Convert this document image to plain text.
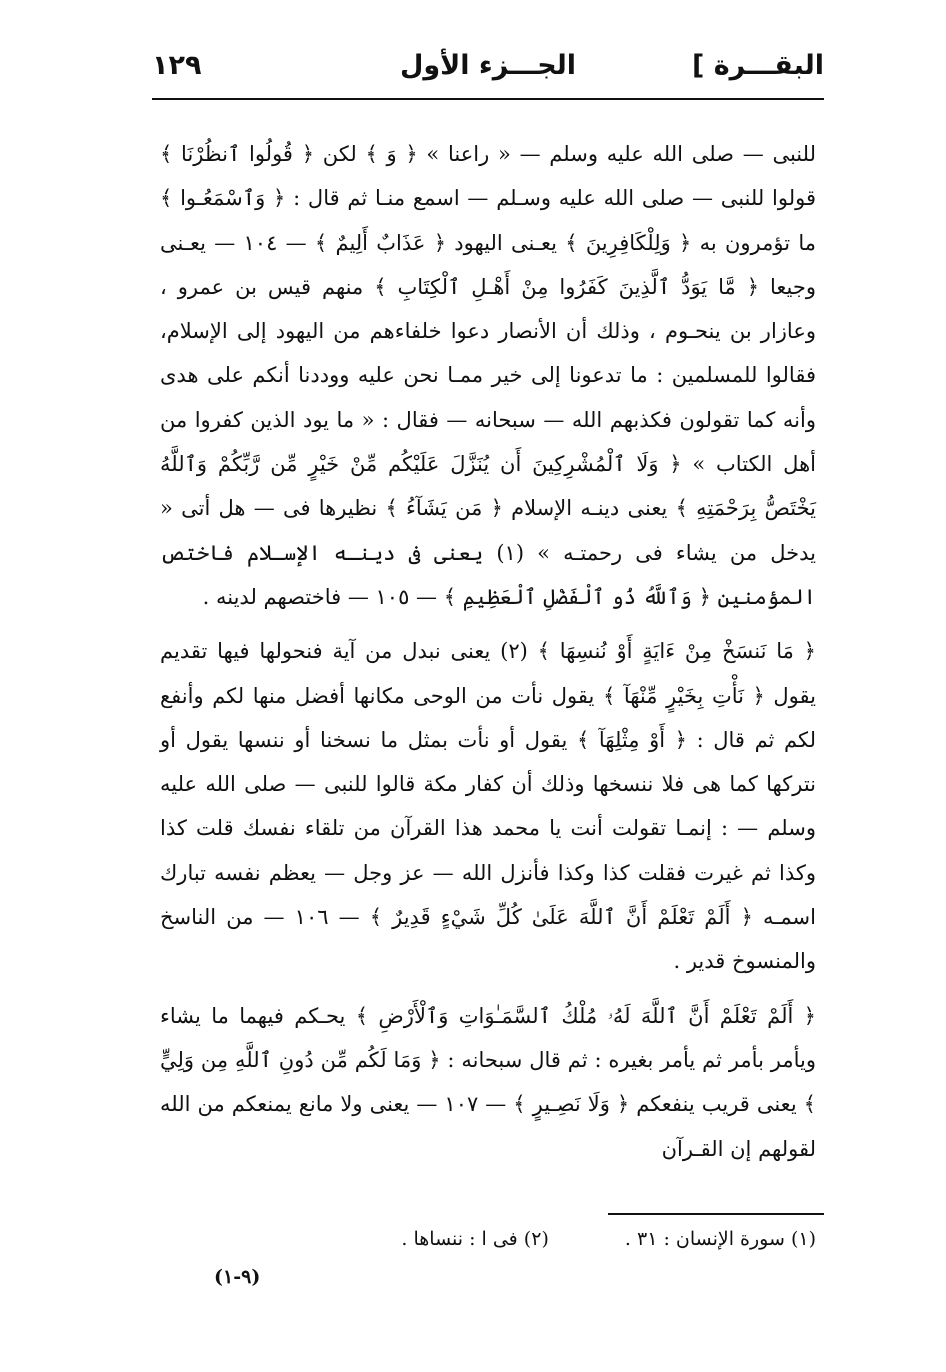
البقـــرة ]
الجـــزء الأول
١٢٩

للنبى — صلى الله عليه وسلم — « راعنا » ﴿ وَ ﴾ لكن ﴿ قُولُوا ٱنظُرْنَا ﴾ قولوا للنبى — صلى الله عليه وسـلم — اسمع منـا ثم قال : ﴿ وَٱسْمَعُـوا ﴾ ما تؤمرون به ﴿ وَلِلْكَافِرِينَ ﴾ يعـنى اليهود ﴿ عَذَابٌ أَلِيمٌ ﴾ — ١٠٤ — يعـنى وجيعا ﴿ مَّا يَوَدُّ ٱلَّذِينَ كَفَرُوا مِنْ أَهْـلِ ٱلْكِتَابِ ﴾ منهم قيس بن عمرو ، وعازار بن ينحـوم ، وذلك أن الأنصار دعوا خلفاءهم من اليهود إلى الإسلام، فقالوا للمسلمين : ما تدعونا إلى خير ممـا نحن عليه ووددنا أنكم على هدى وأنه كما تقولون فكذبهم الله — سبحانه — فقال : « ما يود الذين كفروا من أهل الكتاب » ﴿ وَلَا ٱلْمُشْرِكِينَ أَن يُنَزَّلَ عَلَيْكُم مِّنْ خَيْرٍ مِّن رَّبِّكُمْ وَٱللَّهُ يَخْتَصُّ بِرَحْمَتِهِ ﴾ يعنى دينـه الإسلام ﴿ مَن يَشَآءُ ﴾ نظيرها فى — هل أتى « يدخل من يشاء فى رحمتـه » (١) يعنى فى دينـه الإسـلام فاختص المؤمنين ﴿ وَٱللَّهُ ذُو ٱلْفَضْلِ ٱلْعَظِيمِ ﴾ — ١٠٥ — فاختصهم لدينه .

﴿ مَا نَنسَخْ مِنْ ءَايَةٍ أَوْ نُنسِهَا ﴾ (٢) يعنى نبدل من آية فنحولها فيها تقديم يقول ﴿ نَأْتِ بِخَيْرٍ مِّنْهَآ ﴾ يقول نأت من الوحى مكانها أفضل منها لكم وأنفع لكم ثم قال : ﴿ أَوْ مِثْلِهَآ ﴾ يقول أو نأت بمثل ما نسخنا أو ننسها يقول أو نتركها كما هى فلا ننسخها وذلك أن كفار مكة قالوا للنبى — صلى الله عليه وسلم — : إنمـا تقولت أنت يا محمد هذا القرآن من تلقاء نفسك قلت كذا وكذا ثم غيرت فقلت كذا وكذا فأنزل الله — عز وجل — يعظم نفسه تبارك اسمـه ﴿ أَلَمْ تَعْلَمْ أَنَّ ٱللَّهَ عَلَىٰ كُلِّ شَيْءٍ قَدِيرٌ ﴾ — ١٠٦ — من الناسخ والمنسوخ قدير .

﴿ أَلَمْ تَعْلَمْ أَنَّ ٱللَّهَ لَهُۥ مُلْكُ ٱلسَّمَـٰوَاتِ وَٱلْأَرْضِ ﴾ يحـكم فيهما ما يشاء ويأمر بأمر ثم يأمر بغيره : ثم قال سبحانه : ﴿ وَمَا لَكُم مِّن دُونِ ٱللَّهِ مِن وَلِيٍّ ﴾ يعنى قريب ينفعكم ﴿ وَلَا نَصِـيرٍ ﴾ — ١٠٧ — يعنى ولا مانع يمنعكم من الله لقولهم إن القـرآن

(١) سورة الإنسان : ٣١ . (٢) فى ا : ننساها .
(٩-١)
